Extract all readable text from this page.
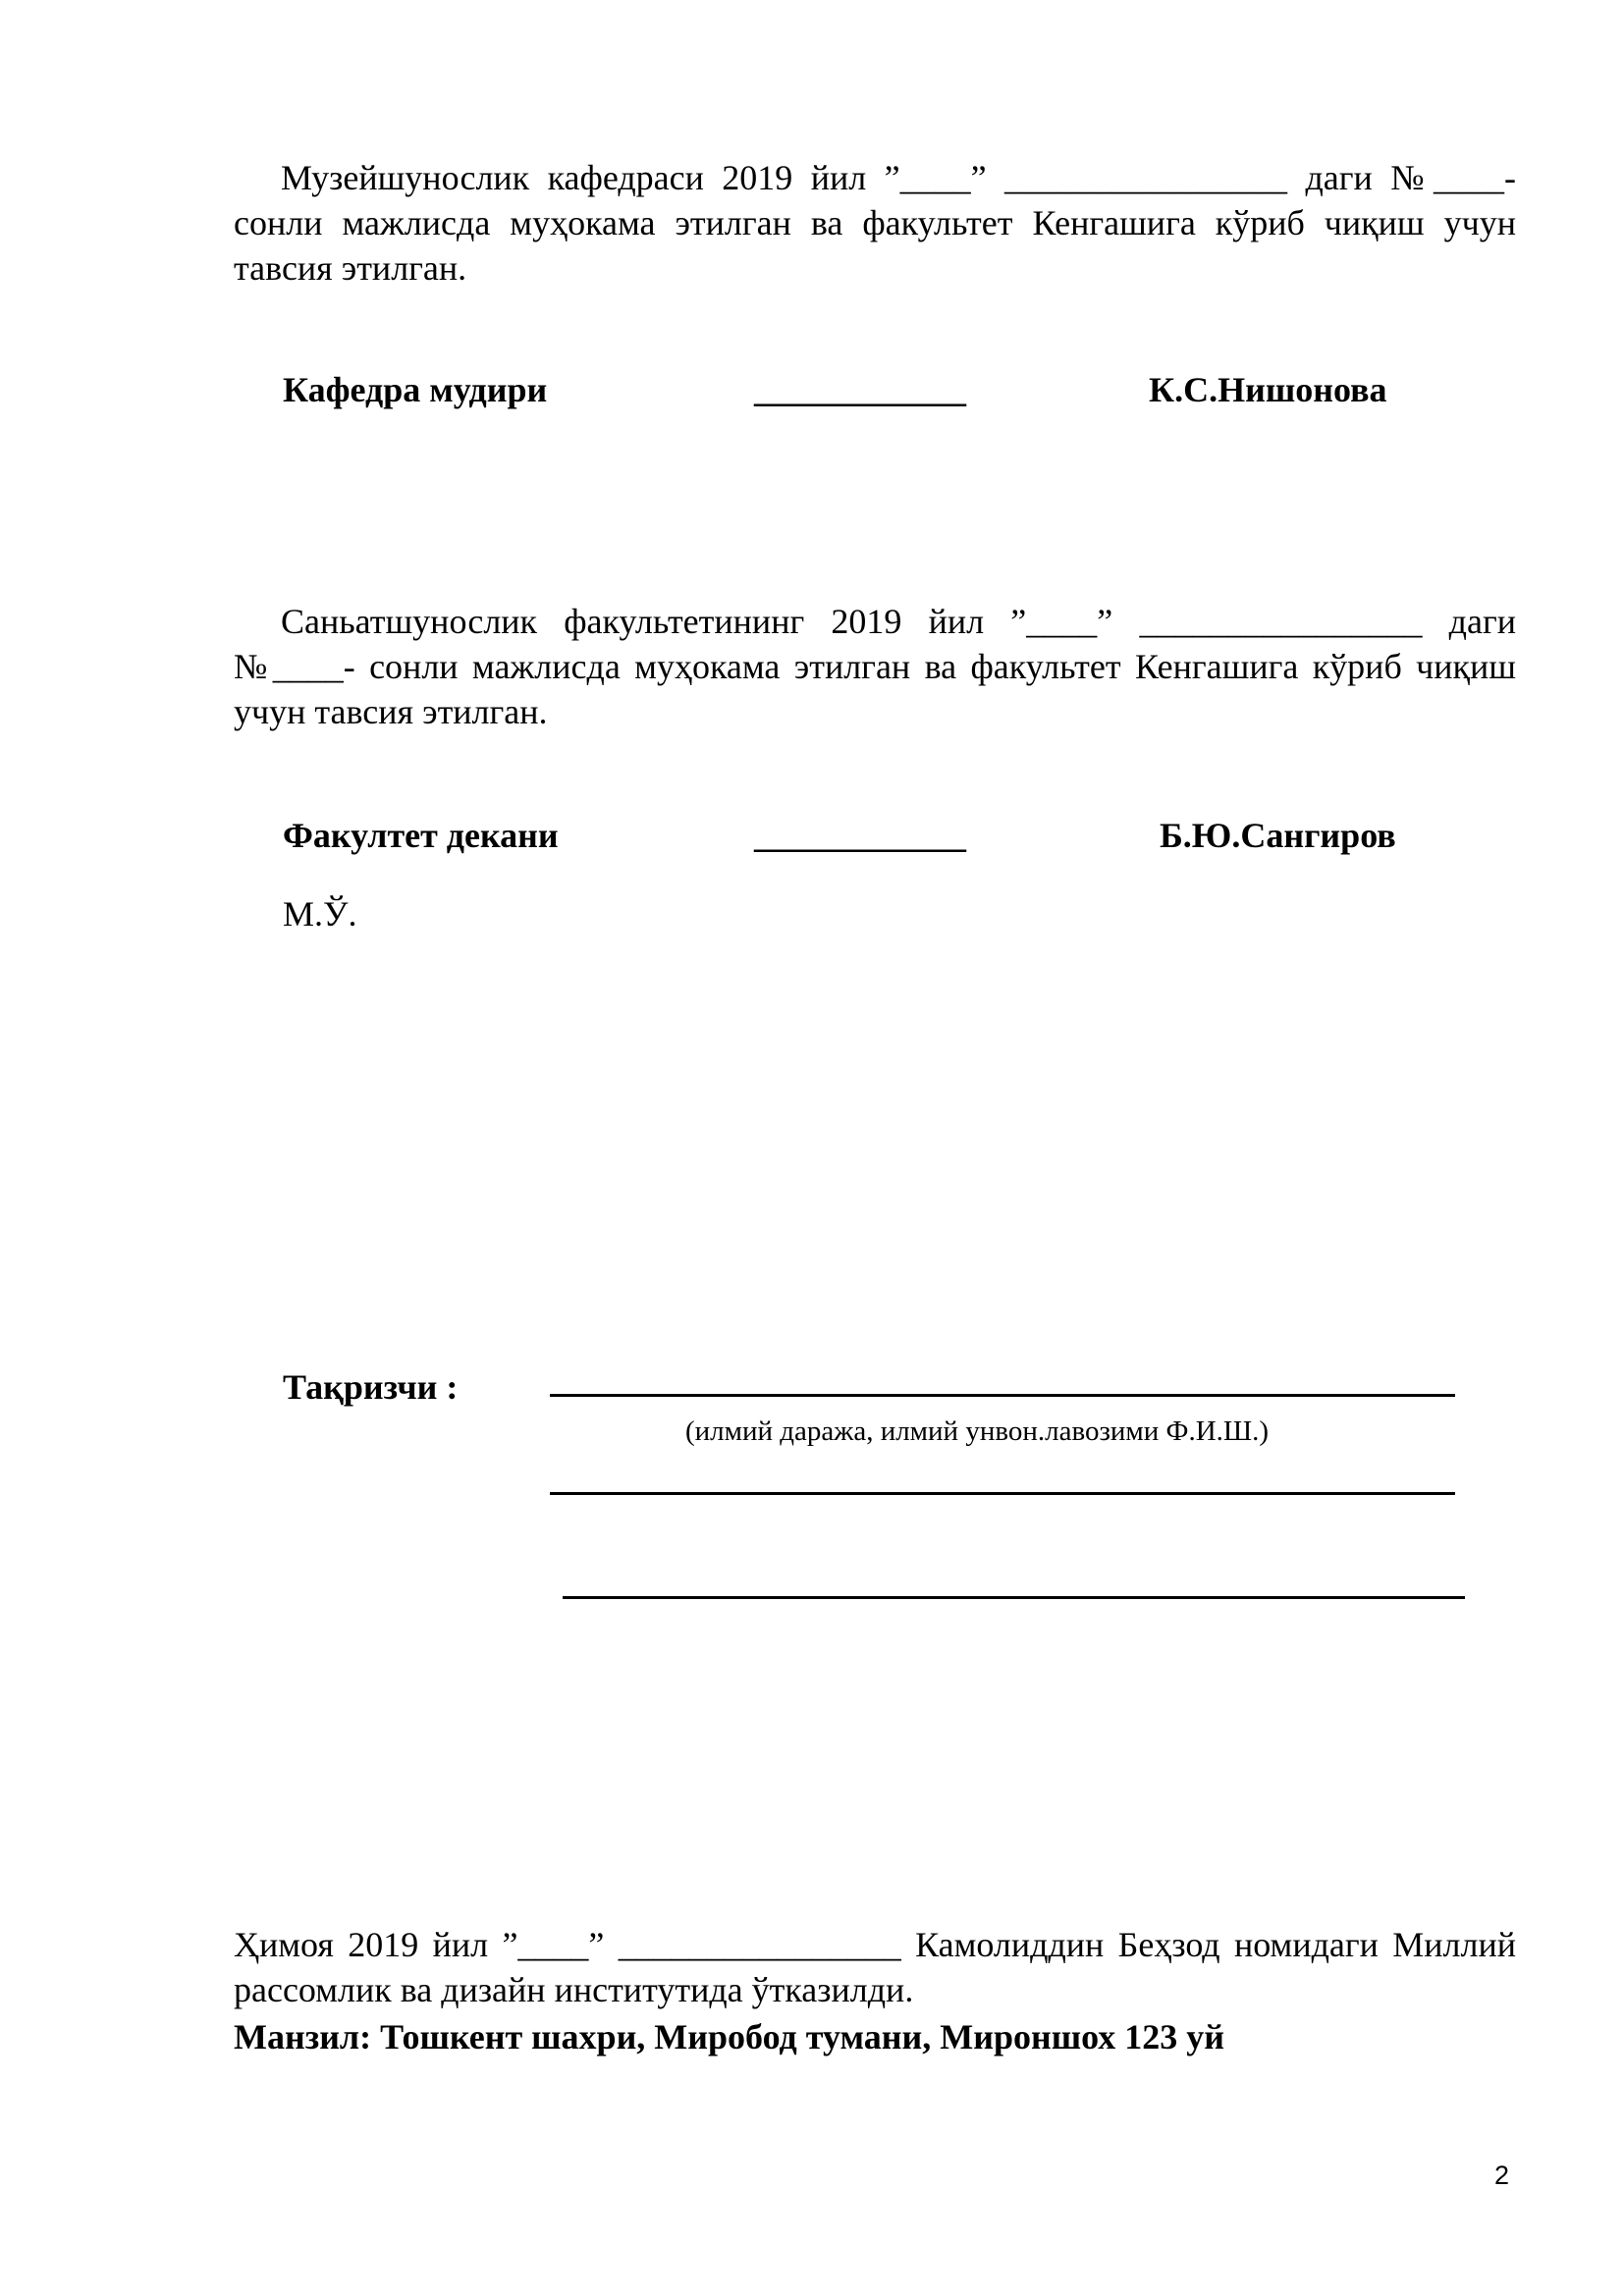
Музейшунослик кафедраси 2019 йил ”____” ________________ даги №____- сонли мажлисда муҳокама этилган ва факультет Кенгашига кўриб чиқиш учун тавсия этилган.

Кафедра мудири	____________	К.С.Нишонова

Саньатшунослик факультетининг 2019 йил ”____” ________________ даги №____- сонли мажлисда муҳокама этилган ва факультет Кенгашига кўриб чиқиш учун тавсия этилган.

Факултет декани	____________	Б.Ю.Сангиров
М.Ў.
Тақризчи :
(илмий даража, илмий унвон.лавозими Ф.И.Ш.)

Ҳимоя 2019 йил ”____” ________________ Камолиддин Беҳзод номидаги Миллий рассомлик ва дизайн институтида ўтказилди.

Манзил: Тошкент шахри, Миробод тумани, Мироншох 123 уй
2
